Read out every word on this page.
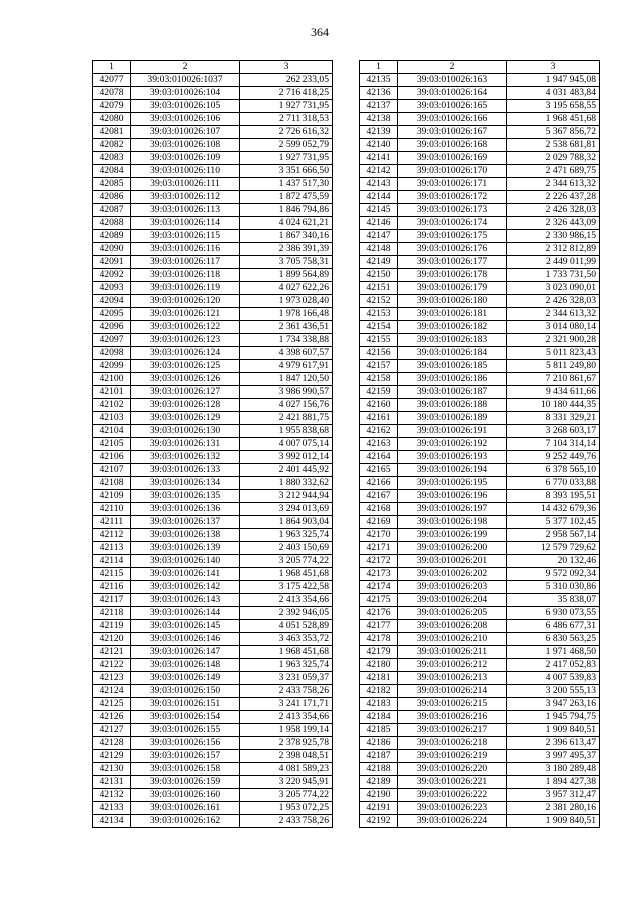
364
1	2	3
42077	39:03:010026:1037	262 233,05
42078	39:03:010026:104	2 716 418,25
42079	39:03:010026:105	1 927 731,95
42080	39:03:010026:106	2 711 318,53
42081	39:03:010026:107	2 726 616,32
42082	39:03:010026:108	2 599 052,79
42083	39:03:010026:109	1 927 731,95
42084	39:03:010026:110	3 351 666,50
42085	39:03:010026:111	1 437 517,30
42086	39:03:010026:112	1 872 475,59
42087	39:03:010026:113	1 846 794,86
42088	39:03:010026:114	4 024 621,21
42089	39:03:010026:115	1 867 340,16
42090	39:03:010026:116	2 386 391,39
42091	39:03:010026:117	3 705 758,31
42092	39:03:010026:118	1 899 564,89
42093	39:03:010026:119	4 027 622,26
42094	39:03:010026:120	1 973 028,40
42095	39:03:010026:121	1 978 166,48
42096	39:03:010026:122	2 361 436,51
42097	39:03:010026:123	1 734 338,88
42098	39:03:010026:124	4 398 607,57
42099	39:03:010026:125	4 979 617,91
42100	39:03:010026:126	1 847 120,50
42101	39:03:010026:127	3 986 990,57
42102	39:03:010026:128	4 027 156,76
42103	39:03:010026:129	2 421 881,75
42104	39:03:010026:130	1 955 838,68
42105	39:03:010026:131	4 007 075,14
42106	39:03:010026:132	3 992 012,14
42107	39:03:010026:133	2 401 445,92
42108	39:03:010026:134	1 880 332,62
42109	39:03:010026:135	3 212 944,94
42110	39:03:010026:136	3 294 013,69
42111	39:03:010026:137	1 864 903,04
42112	39:03:010026:138	1 963 325,74
42113	39:03:010026:139	2 403 150,69
42114	39:03:010026:140	3 205 774,22
42115	39:03:010026:141	1 968 451,68
42116	39:03:010026:142	3 175 422,58
42117	39:03:010026:143	2 413 354,66
42118	39:03:010026:144	2 392 946,05
42119	39:03:010026:145	4 051 528,89
42120	39:03:010026:146	3 463 353,72
42121	39:03:010026:147	1 968 451,68
42122	39:03:010026:148	1 963 325,74
42123	39:03:010026:149	3 231 059,37
42124	39:03:010026:150	2 433 758,26
42125	39:03:010026:151	3 241 171,71
42126	39:03:010026:154	2 413 354,66
42127	39:03:010026:155	1 958 199,14
42128	39:03:010026:156	2 378 925,78
42129	39:03:010026:157	2 398 048,51
42130	39:03:010026:158	4 081 589,23
42131	39:03:010026:159	3 220 945,91
42132	39:03:010026:160	3 205 774,22
42133	39:03:010026:161	1 953 072,25
42134	39:03:010026:162	2 433 758,26
1	2	3
42135	39:03:010026:163	1 947 945,08
42136	39:03:010026:164	4 031 483,84
42137	39:03:010026:165	3 195 658,55
42138	39:03:010026:166	1 968 451,68
42139	39:03:010026:167	5 367 856,72
42140	39:03:010026:168	2 538 681,81
42141	39:03:010026:169	2 029 788,32
42142	39:03:010026:170	2 471 689,75
42143	39:03:010026:171	2 344 613,32
42144	39:03:010026:172	2 226 437,28
42145	39:03:010026:173	2 426 328,03
42146	39:03:010026:174	2 326 443,09
42147	39:03:010026:175	2 330 986,15
42148	39:03:010026:176	2 312 812,89
42149	39:03:010026:177	2 449 011,99
42150	39:03:010026:178	1 733 731,50
42151	39:03:010026:179	3 023 090,01
42152	39:03:010026:180	2 426 328,03
42153	39:03:010026:181	2 344 613,32
42154	39:03:010026:182	3 014 080,14
42155	39:03:010026:183	2 321 900,28
42156	39:03:010026:184	5 011 823,43
42157	39:03:010026:185	5 811 249,80
42158	39:03:010026:186	7 210 861,67
42159	39:03:010026:187	9 434 611,66
42160	39:03:010026:188	10 180 444,35
42161	39:03:010026:189	8 331 329,21
42162	39:03:010026:191	3 268 603,17
42163	39:03:010026:192	7 104 314,14
42164	39:03:010026:193	9 252 449,76
42165	39:03:010026:194	6 378 565,10
42166	39:03:010026:195	6 770 033,88
42167	39:03:010026:196	8 393 195,51
42168	39:03:010026:197	14 432 679,36
42169	39:03:010026:198	5 377 102,45
42170	39:03:010026:199	2 958 567,14
42171	39:03:010026:200	12 579 729,62
42172	39:03:010026:201	20 132,46
42173	39:03:010026:202	9 572 092,34
42174	39:03:010026:203	5 310 030,86
42175	39:03:010026:204	35 838,07
42176	39:03:010026:205	6 930 073,55
42177	39:03:010026:208	6 486 677,31
42178	39:03:010026:210	6 830 563,25
42179	39:03:010026:211	1 971 468,50
42180	39:03:010026:212	2 417 052,83
42181	39:03:010026:213	4 007 539,83
42182	39:03:010026:214	3 200 555,13
42183	39:03:010026:215	3 947 263,16
42184	39:03:010026:216	1 945 794,75
42185	39:03:010026:217	1 909 840,51
42186	39:03:010026:218	2 396 613,47
42187	39:03:010026:219	3 997 495,37
42188	39:03:010026:220	3 180 289,48
42189	39:03:010026:221	1 894 427,38
42190	39:03:010026:222	3 957 312,47
42191	39:03:010026:223	2 381 280,16
42192	39:03:010026:224	1 909 840,51
